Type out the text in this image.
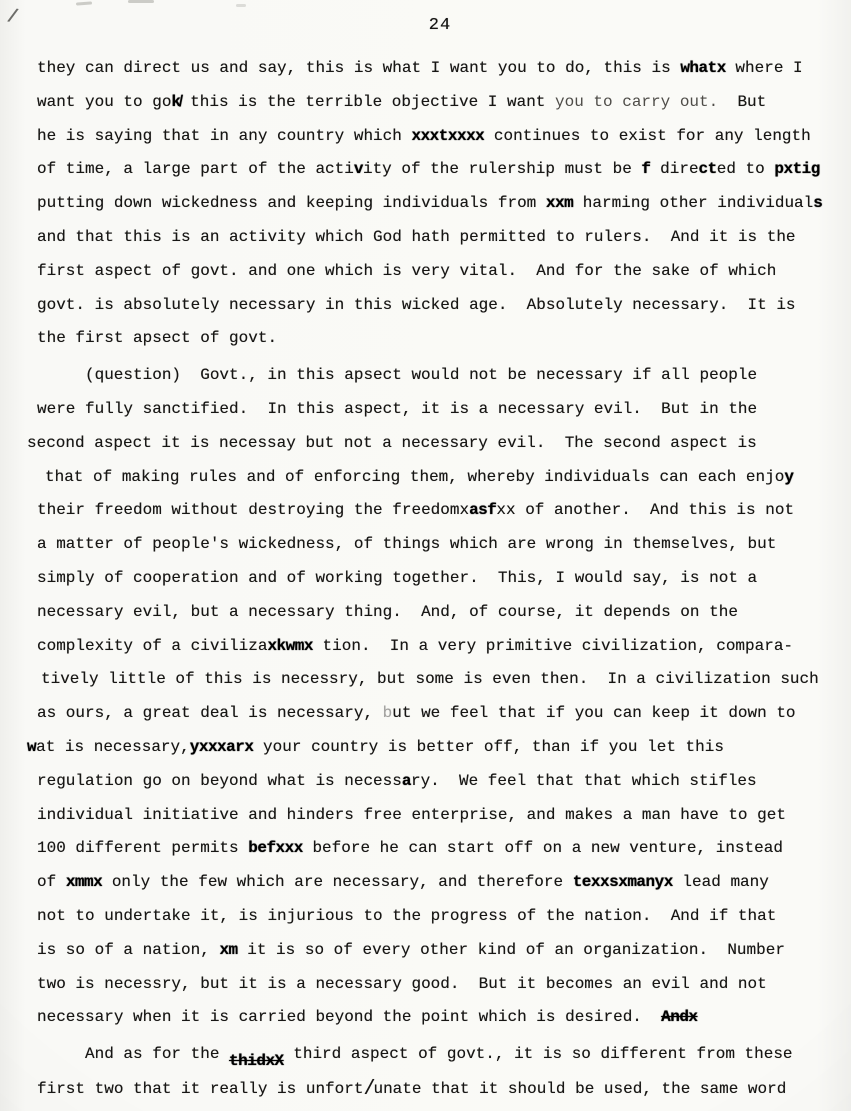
/	24
they can direct us and say, this is what I want you to do, this is whatx where I
want you to gok̸ this is the terrible objective I want you to carry out.  But
he is saying that in any country which xxxtxxxx continues to exist for any length
of time, a large part of the activity of the rulership must be f directed to pxtig
putting down wickedness and keeping individuals from xxm harming other individuals
and that this is an activity which God hath permitted to rulers.  And it is the
first aspect of govt. and one which is very vital.  And for the sake of which
govt. is absolutely necessary in this wicked age.  Absolutely necessary.  It is
the first apsect of govt.
(question)  Govt., in this apsect would not be necessary if all people
were fully sanctified.  In this aspect, it is a necessary evil.  But in the
second aspect it is necessay but not a necessary evil.  The second aspect is
that of making rules and of enforcing them, whereby individuals can each enjoy
their freedom without destroying the freedomxasfxx of another.  And this is not
a matter of people's wickedness, of things which are wrong in themselves, but
simply of cooperation and of working together.  This, I would say, is not a
necessary evil, but a necessary thing.  And, of course, it depends on the
complexity of a civilizaxkwmx tion.  In a very primitive civilization, compara-
tively little of this is necessry, but some is even then.  In a civilization such
as ours, a great deal is necessary, but we feel that if you can keep it down to
wat is necessary,yxxxarx your country is better off, than if you let this
regulation go on beyond what is necessary.  We feel that that which stifles
individual initiative and hinders free enterprise, and makes a man have to get
100 different permits befxxx before he can start off on a new venture, instead
of xmmx only the few which are necessary, and therefore texxsxmanyx lead many
not to undertake it, is injurious to the progress of the nation.  And if that
is so of a nation, xm it is so of every other kind of an organization.  Number
two is necessry, but it is a necessary good.  But it becomes an evil and not
necessary when it is carried beyond the point which is desired.  Andx
And as for the thidxX third aspect of govt., it is so different from these
first two that it really is unfort/unate that it should be used, the same word
